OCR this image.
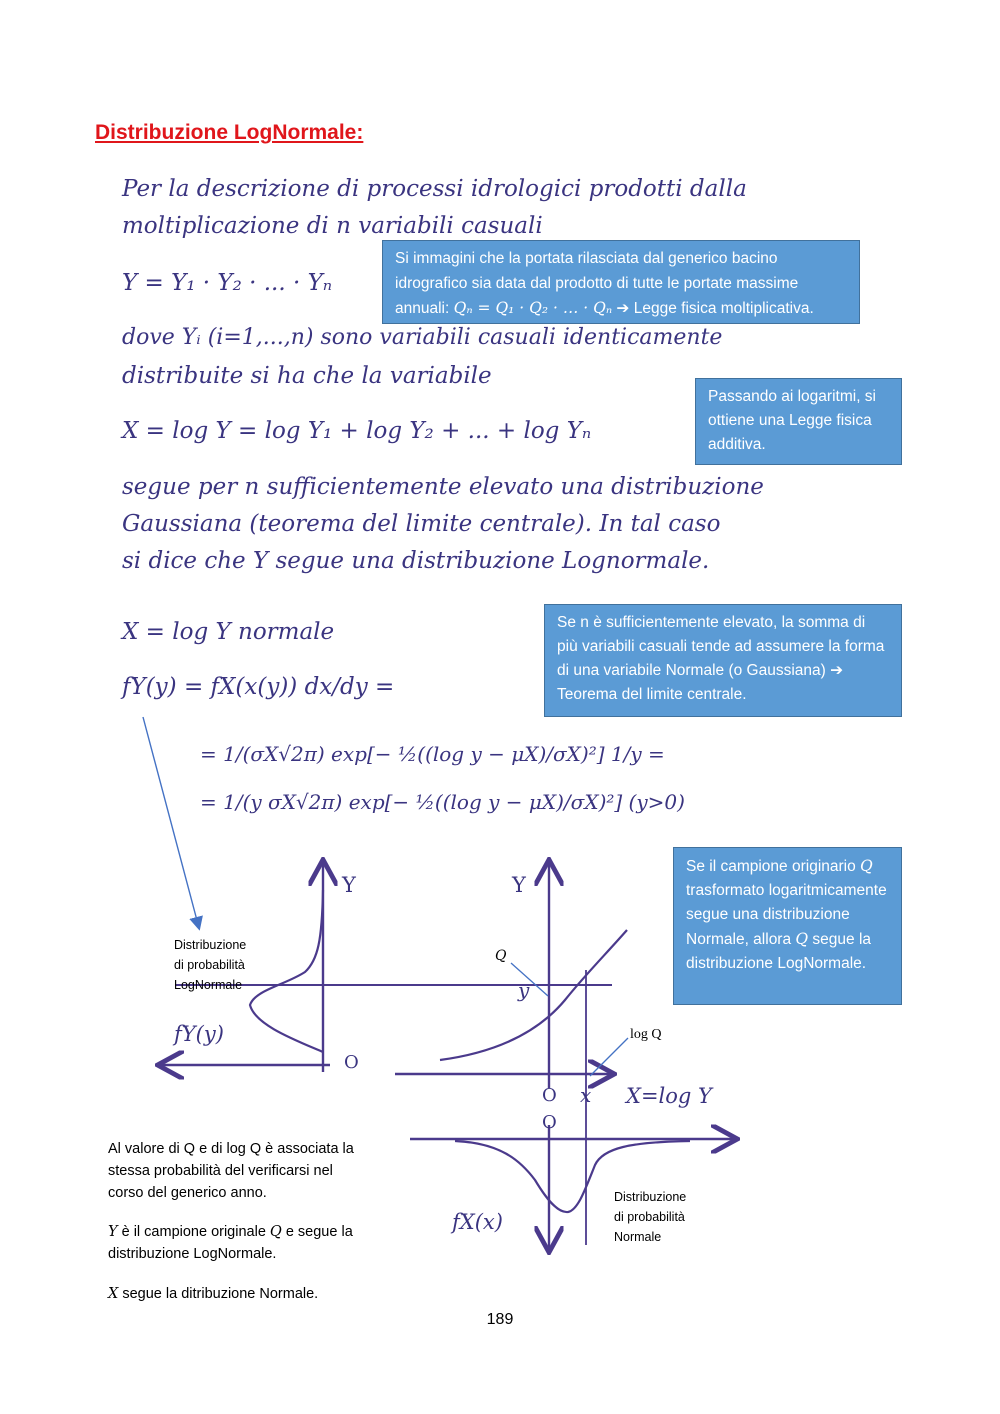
Distribuzione LogNormale:

Per la descrizione di processi idrologici prodotti dalla

moltiplicazione di n variabili casuali

Y = Y₁ · Y₂ · ... · Yₙ

dove Yᵢ (i=1,...,n) sono variabili casuali identicamente

distribuite si ha che la variabile

X = log Y = log Y₁ + log Y₂ + ... + log Yₙ

segue per n sufficientemente elevato una distribuzione

Gaussiana (teorema del limite centrale). In tal caso

si dice che Y segue una distribuzione Lognormale.

X = log Y normale

fY(y) = fX(x(y)) dx/dy =

= 1/(σX√2π) exp[− ½((log y − μX)/σX)²] 1/y =

= 1/(y σX√2π) exp[− ½((log y − μX)/σX)²] (y>0)

Si immagini che la portata rilasciata dal generico bacino idrografico sia data dal prodotto di tutte le portate massime annuali: Qₙ = Q₁ · Q₂ · … · Qₙ ➔ Legge fisica moltiplicativa.

Passando ai logaritmi, si ottiene una Legge fisica additiva.

Se n è sufficientemente elevato, la somma di più variabili casuali tende ad assumere la forma di una variabile Normale (o Gaussiana) ➔ Teorema del limite centrale.

Se il campione originario Q trasformato logaritmicamente segue una distribuzione Normale, allora Q segue la distribuzione LogNormale.

Y	Y

fY(y)

O

O

O

x X=log Y

y

fX(x)

Distribuzione

di probabilità

LogNormale

Q

log Q

Distribuzione

di probabilità

Normale

Al valore di Q e di log Q è associata la stessa probabilità del verificarsi nel corso del generico anno.

Y è il campione originale Q e segue la distribuzione LogNormale.

X segue la ditribuzione Normale.

189
